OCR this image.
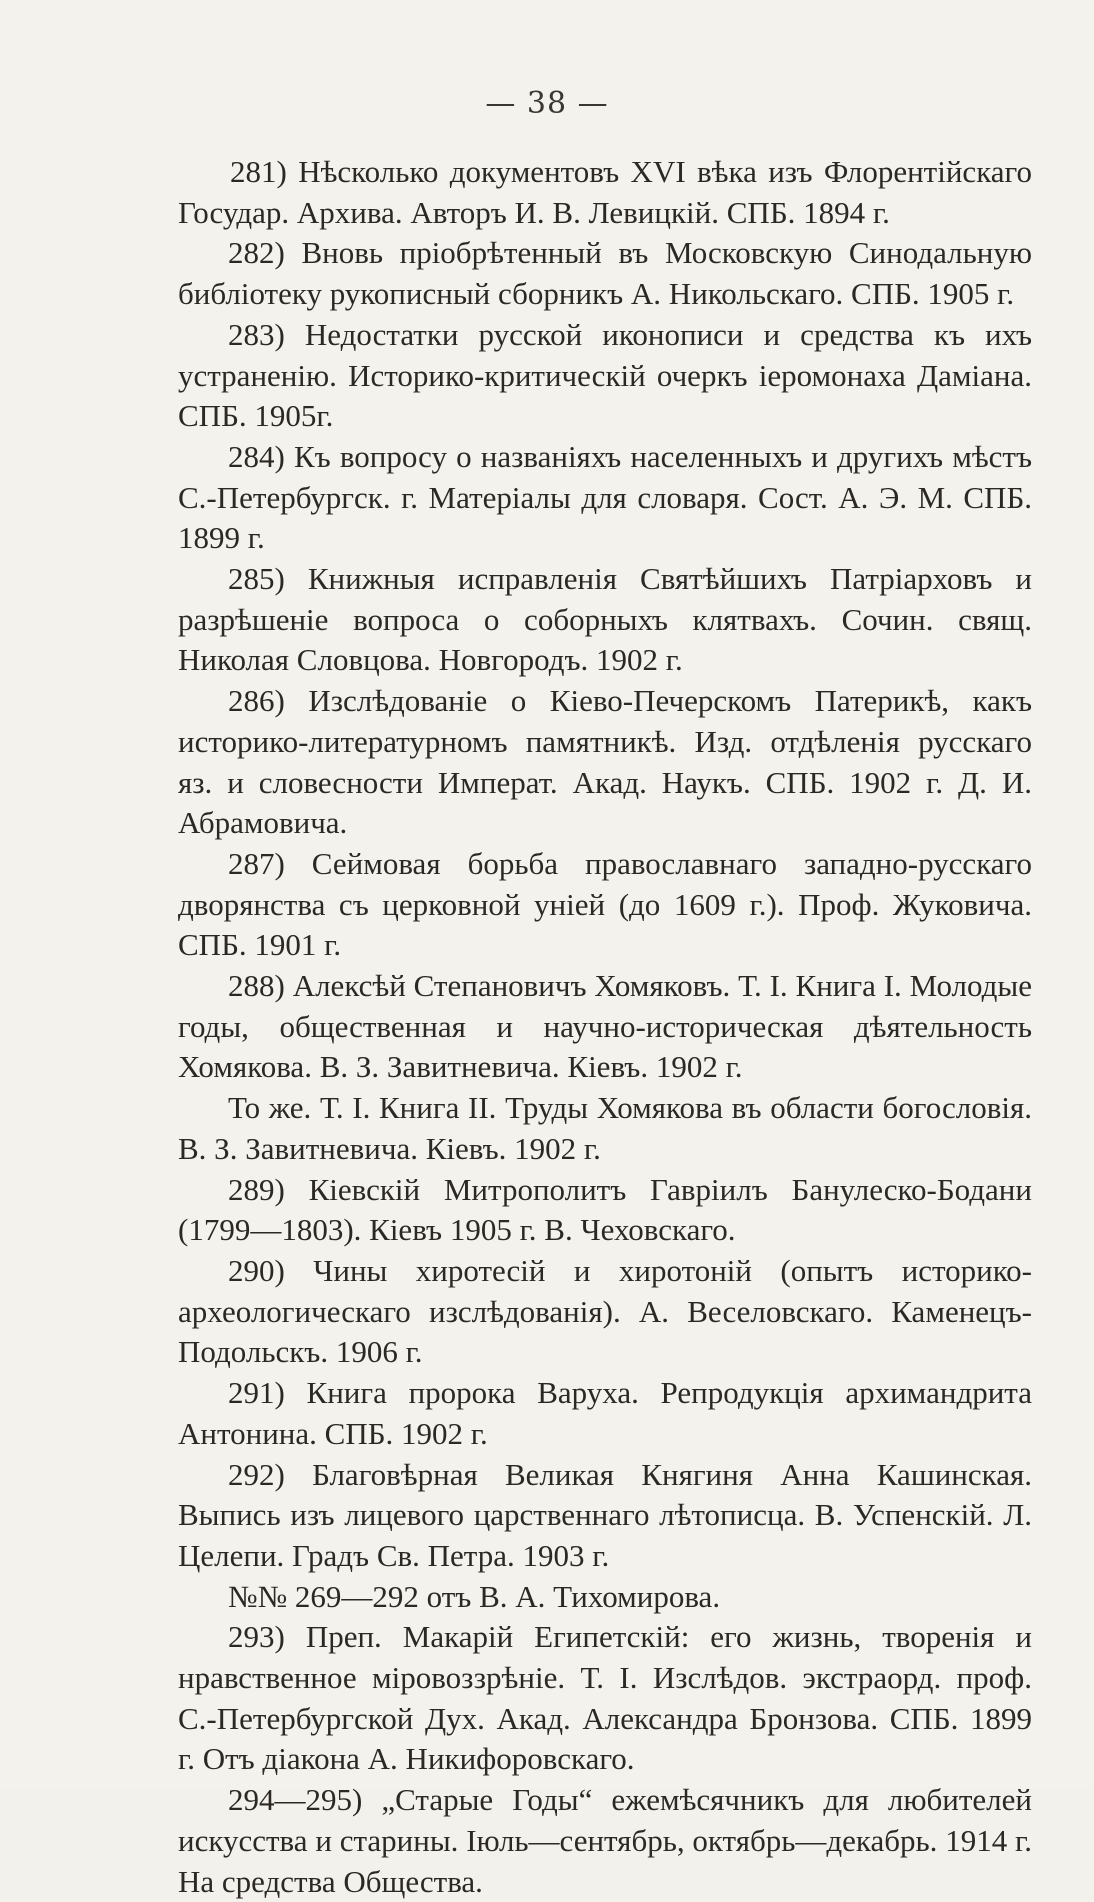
— 38 —

281) Нѣсколько документовъ XVI вѣка изъ Флорентійскаго Государ. Архива. Авторъ И. В. Левицкій. СПБ. 1894 г.

282) Вновь пріобрѣтенный въ Московскую Синодальную библіотеку рукописный сборникъ А. Никольскаго. СПБ. 1905 г.

283) Недостатки русской иконописи и средства къ ихъ устраненію. Историко-критическій очеркъ іеромонаха Даміана. СПБ. 1905г.

284) Къ вопросу о названіяхъ населенныхъ и другихъ мѣстъ С.-Петербургск. г. Матеріалы для словаря. Сост. А. Э. М. СПБ. 1899 г.

285) Книжныя исправленія Святѣйшихъ Патріарховъ и разрѣшеніе вопроса о соборныхъ клятвахъ. Сочин. свящ. Николая Словцова. Новгородъ. 1902 г.

286) Изслѣдованіе о Кіево-Печерскомъ Патерикѣ, какъ историко-литературномъ памятникѣ. Изд. отдѣленія русскаго яз. и словесности Императ. Акад. Наукъ. СПБ. 1902 г. Д. И. Абрамовича.

287) Сеймовая борьба православнаго западно-русскаго дворянства съ церковной уніей (до 1609 г.). Проф. Жуковича. СПБ. 1901 г.

288) Алексѣй Степановичъ Хомяковъ. Т. I. Книга I. Молодые годы, общественная и научно-историческая дѣятельность Хомякова. В. З. Завитневича. Кіевъ. 1902 г.

То же. Т. I. Книга II. Труды Хомякова въ области богословія. В. З. Завитневича. Кіевъ. 1902 г.

289) Кіевскій Митрополитъ Гавріилъ Банулеско-Бодани (1799—1803). Кіевъ 1905 г. В. Чеховскаго.

290) Чины хиротесій и хиротоній (опытъ историко-археологическаго изслѣдованія). А. Веселовскаго. Каменецъ-Подольскъ. 1906 г.

291) Книга пророка Варуха. Репродукція архимандрита Антонина. СПБ. 1902 г.

292) Благовѣрная Великая Княгиня Анна Кашинская. Выпись изъ лицевого царственнаго лѣтописца. В. Успенскій. Л. Целепи. Градъ Св. Петра. 1903 г.

№№ 269—292 отъ В. А. Тихомирова.

293) Преп. Макарій Египетскій: его жизнь, творенія и нравственное міровоззрѣніе. Т. I. Изслѣдов. экстраорд. проф. С.-Петербургской Дух. Акад. Александра Бронзова. СПБ. 1899 г. Отъ діакона А. Никифоровскаго.

294—295) „Старые Годы“ ежемѣсячникъ для любителей искусства и старины. Іюль—сентябрь, октябрь—декабрь. 1914 г. На средства Общества.
